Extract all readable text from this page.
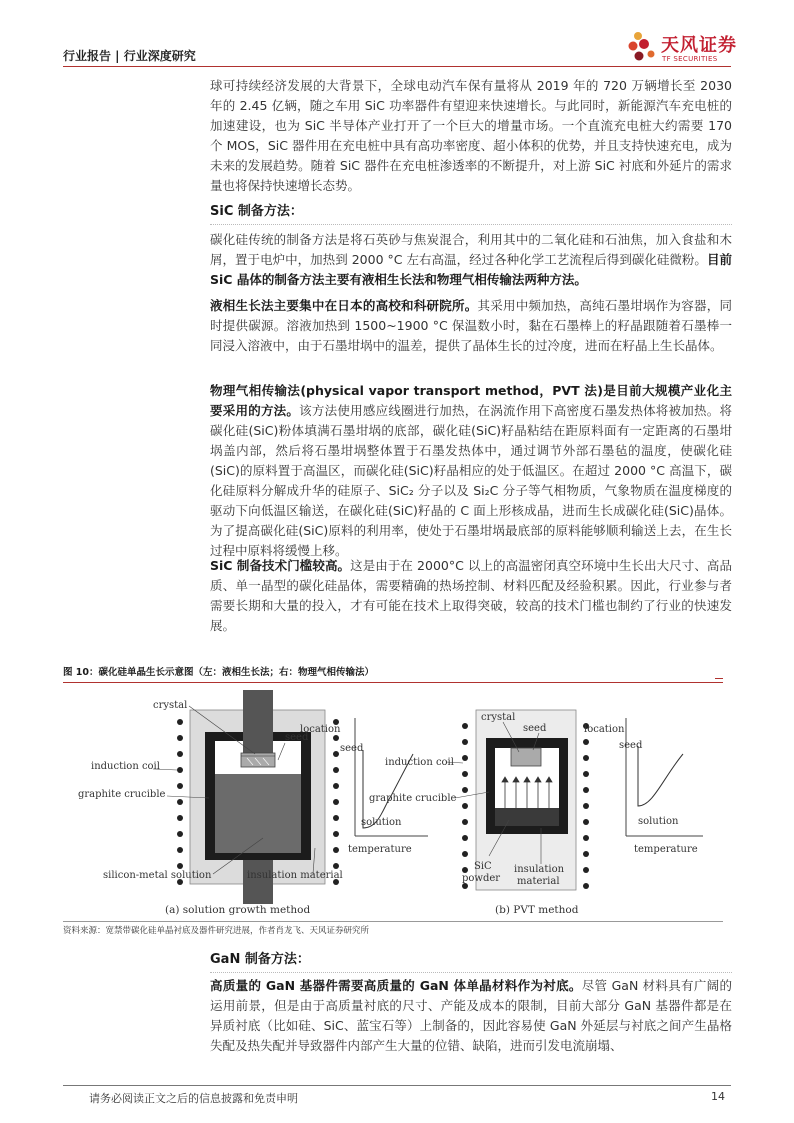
行业报告 | 行业深度研究	天风证券
TF SECURITIES

球可持续经济发展的大背景下，全球电动汽车保有量将从 2019 年的 720 万辆增长至 2030 年的 2.45 亿辆，随之车用 SiC 功率器件有望迎来快速增长。与此同时，新能源汽车充电桩的加速建设，也为 SiC 半导体产业打开了一个巨大的增量市场。一个直流充电桩大约需要 170 个 MOS，SiC 器件用在充电桩中具有高功率密度、超小体积的优势，并且支持快速充电，成为未来的发展趋势。随着 SiC 器件在充电桩渗透率的不断提升，对上游 SiC 衬底和外延片的需求量也将保持快速增长态势。

SiC 制备方法：

碳化硅传统的制备方法是将石英砂与焦炭混合，利用其中的二氧化硅和石油焦，加入食盐和木屑，置于电炉中，加热到 2000 °C 左右高温，经过各种化学工艺流程后得到碳化硅微粉。目前 SiC 晶体的制备方法主要有液相生长法和物理气相传输法两种方法。

液相生长法主要集中在日本的高校和科研院所。其采用中频加热，高纯石墨坩埚作为容器，同时提供碳源。溶液加热到 1500~1900 °C 保温数小时，黏在石墨棒上的籽晶跟随着石墨棒一同浸入溶液中，由于石墨坩埚中的温差，提供了晶体生长的过冷度，进而在籽晶上生长晶体。

物理气相传输法(physical vapor transport method，PVT 法)是目前大规模产业化主要采用的方法。该方法使用感应线圈进行加热，在涡流作用下高密度石墨发热体将被加热。将碳化硅(SiC)粉体填满石墨坩埚的底部，碳化硅(SiC)籽晶粘结在距原料面有一定距离的石墨坩埚盖内部，然后将石墨坩埚整体置于石墨发热体中，通过调节外部石墨毡的温度，使碳化硅(SiC)的原料置于高温区，而碳化硅(SiC)籽晶相应的处于低温区。在超过 2000 °C 高温下，碳化硅原料分解成升华的硅原子、SiC₂ 分子以及 Si₂C 分子等气相物质，气象物质在温度梯度的驱动下向低温区输送，在碳化硅(SiC)籽晶的 C 面上形核成晶，进而生长成碳化硅(SiC)晶体。为了提高碳化硅(SiC)原料的利用率，使处于石墨坩埚最底部的原料能够顺利输送上去，在生长过程中原料将缓慢上移。

SiC 制备技术门槛较高。这是由于在 2000°C 以上的高温密闭真空环境中生长出大尺寸、高品质、单一晶型的碳化硅晶体，需要精确的热场控制、材料匹配及经验积累。因此，行业参与者需要长期和大量的投入，才有可能在技术上取得突破，较高的技术门槛也制约了行业的快速发展。

图 10：碳化硅单晶生长示意图（左：液相生长法；右：物理气相传输法）
crystal
seed
induction coil
graphite crucible
silicon-metal solution	insulation material
location
seed
solution
temperature
(a) solution growth method
crystal
seed
induction coil
graphite crucible
SiC
powder
insulation
material
location
seed
solution
temperature
(b) PVT method
资料来源：宽禁带碳化硅单晶衬底及器件研究进展，作者肖龙飞、天风证券研究所
GaN 制备方法：

高质量的 GaN 基器件需要高质量的 GaN 体单晶材料作为衬底。尽管 GaN 材料具有广阔的运用前景，但是由于高质量衬底的尺寸、产能及成本的限制，目前大部分 GaN 基器件都是在异质衬底（比如硅、SiC、蓝宝石等）上制备的，因此容易使 GaN 外延层与衬底之间产生晶格失配及热失配并导致器件内部产生大量的位错、缺陷，进而引发电流崩塌、

请务必阅读正文之后的信息披露和免责申明	14
